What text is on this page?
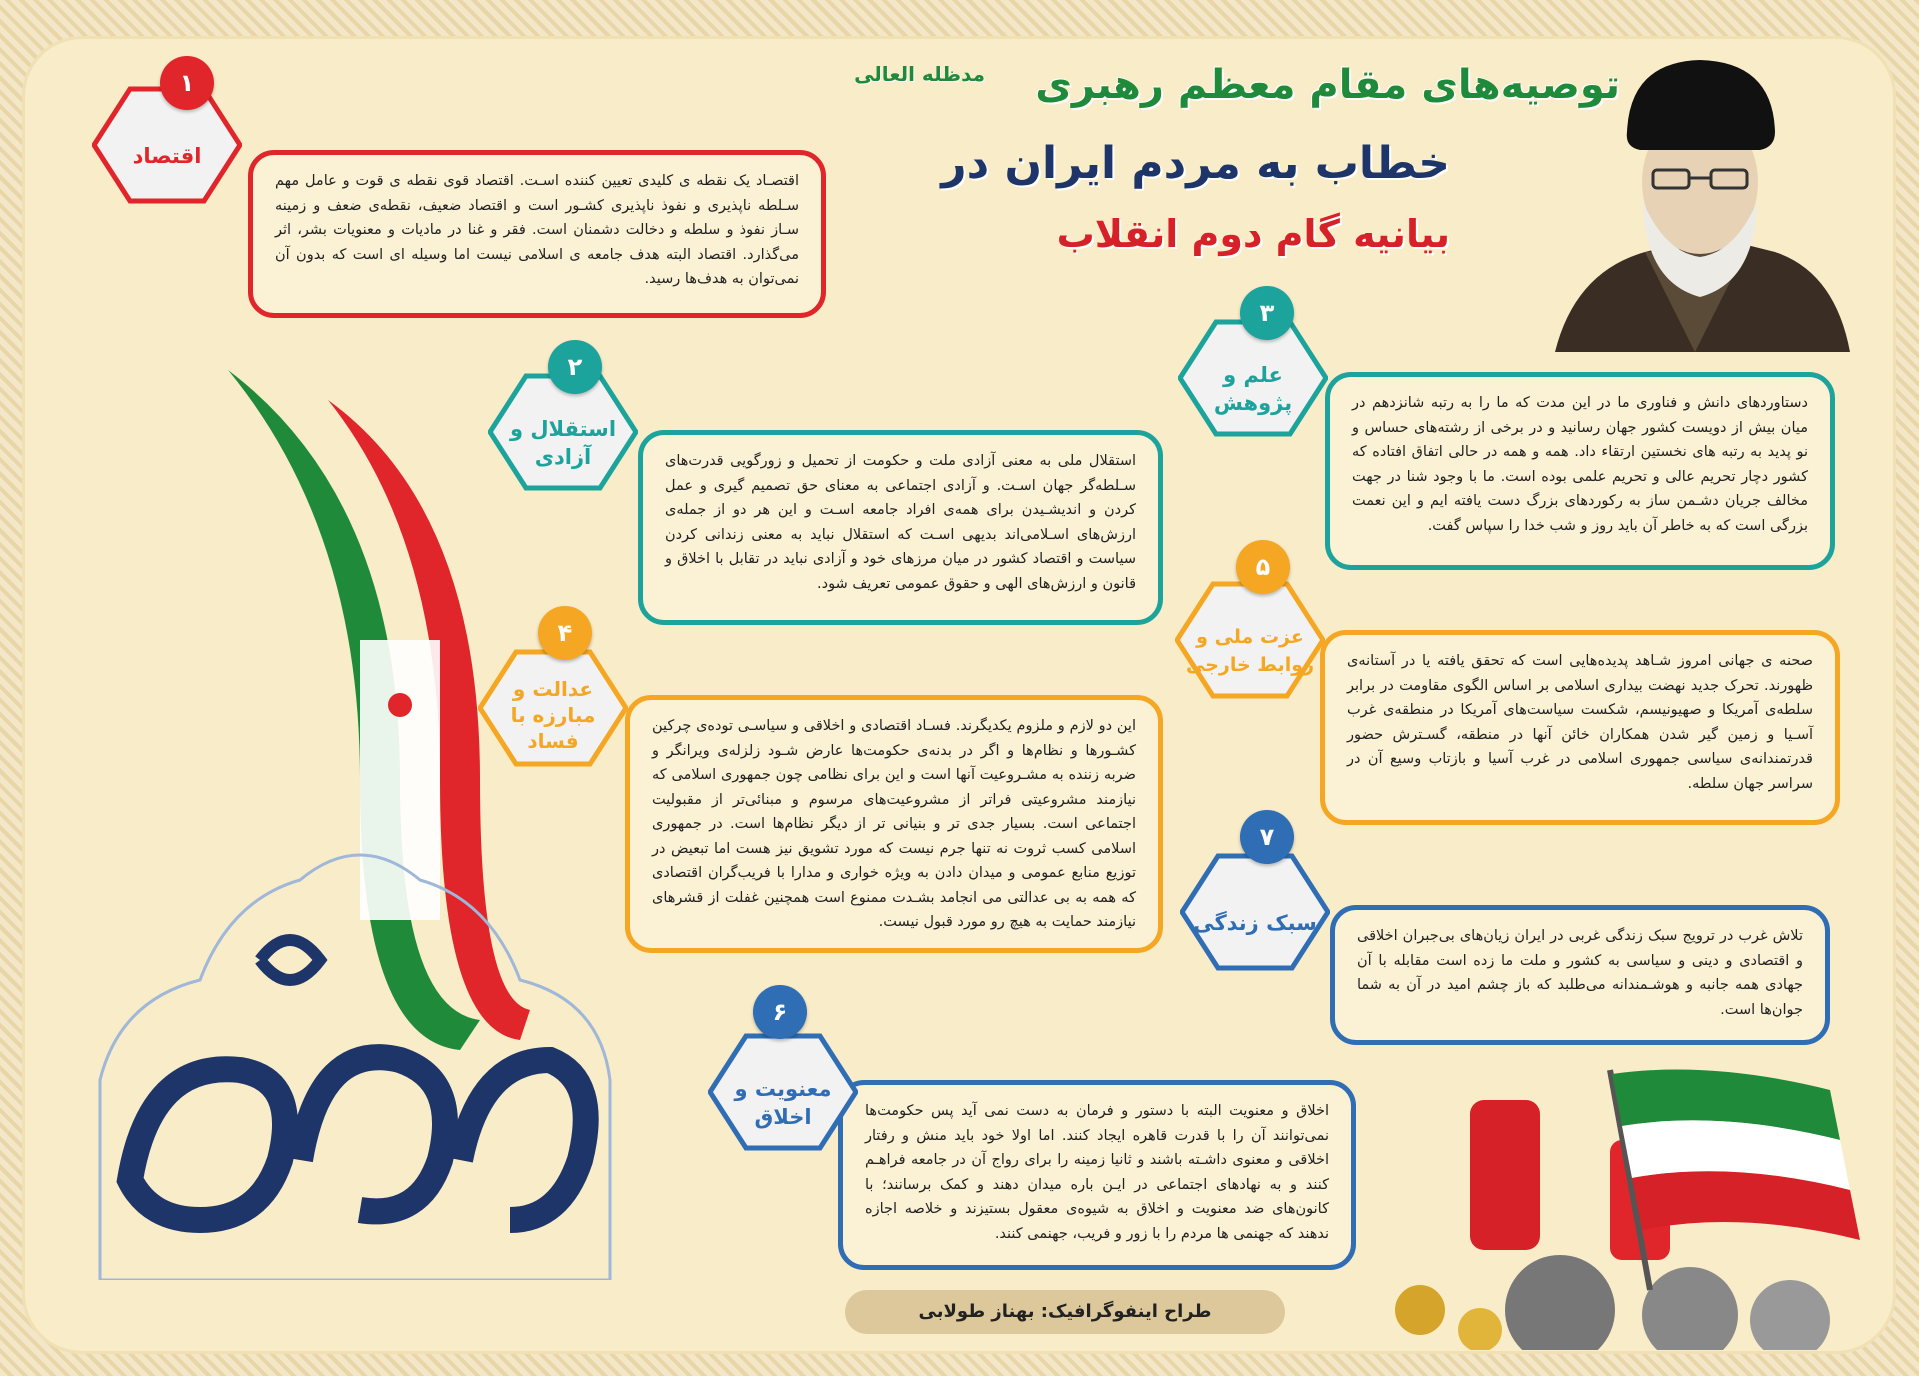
توصیه‌های مقام معظم رهبری
مدظله العالی
خطاب به مردم ایران در
بیانیه گام دوم انقلاب

اقتصـاد یک نقطه ی کلیدی تعیین کننده اسـت. اقتصاد قوی نقطه ی قوت و عامل مهم سـلطه ناپذیری و نفوذ ناپذیری کشـور است و اقتصاد ضعیف، نقطه‌ی ضعف و زمینه سـاز نفوذ و سلطه و دخالت دشمنان است. فقر و غنا در مادیات و معنویات بشر، اثر می‌گذارد. اقتصاد البته هدف جامعه ی اسلامی نیست اما وسیله ای است که بدون آن نمی‌توان به هدف‌ها رسید.

استقلال ملی به معنی آزادی ملت و حکومت از تحمیل و زورگویی قدرت‌های سـلطه‌گر جهان اسـت. و آزادی اجتماعی به معنای حق تصمیم گیری و عمل کردن و اندیشـیدن برای همه‌ی افراد جامعه اسـت و این هر دو از جمله‌ی ارزش‌های اسـلامی‌اند بدیهی اسـت که استقلال نباید به معنی زندانی کردن سیاست و اقتصاد کشور در میان مرزهای خود و آزادی نباید در تقابل با اخلاق و قانون و ارزش‌های الهی و حقوق عمومی تعریف شود.

دستاوردهای دانش و فناوری ما در این مدت که ما را به رتبه شانزدهم در میان بیش از دویست کشور جهان رسانید و در برخی از رشته‌های حساس و نو پدید به رتبه های نخستین ارتقاء داد. همه و همه در حالی اتفاق افتاده که کشور دچار تحریم عالی و تحریم علمی بوده است. ما با وجود شنا در جهت مخالف جریان دشـمن ساز به رکوردهای بزرگ دست یافته ایم و این نعمت بزرگی است که به خاطر آن باید روز و شب خدا را سپاس گفت.

این دو لازم و ملزوم یکدیگرند. فسـاد اقتصادی و اخلاقی و سیاسـی توده‌ی چرکین کشـورها و نظام‌ها و اگر در بدنه‌ی حکومت‌ها عارض شـود زلزله‌ی ویرانگر و ضربه زننده به مشـروعیت آنها است و این برای نظامی چون جمهوری اسلامی که نیازمند مشروعیتی فراتر از مشروعیت‌های مرسوم و مبنائی‌تر از مقبولیت اجتماعی است. بسیار جدی تر و بنیانی تر از دیگر نظام‌ها است. در جمهوری اسلامی کسب ثروت نه تنها جرم نیست که مورد تشویق نیز هست اما تبعیض در توزیع منابع عمومی و میدان دادن به ویژه خواری و مدارا با فریب‌گران اقتصادی که همه به بی عدالتی می انجامد بشـدت ممنوع است همچنین غفلت از قشرهای نیازمند حمایت به هیچ رو مورد قبول نیست.

صحنه ی جهانی امروز شـاهد پدیده‌هایی است که تحقق یافته یا در آستانه‌ی ظهورند. تحرک جدید نهضت بیداری اسلامی بر اساس الگوی مقاومت در برابر سلطه‌ی آمریکا و صهیونیسم، شکست سیاست‌های آمریکا در منطقه‌ی غرب آسـیا و زمین گیر شدن همکاران خائن آنها در منطقه، گسـترش حضور قدرتمندانه‌ی سیاسی جمهوری اسلامی در غرب آسیا و بازتاب وسیع آن در سراسر جهان سلطه.

اخلاق و معنویت البته با دستور و فرمان به دست نمی آید پس حکومت‌ها نمی‌توانند آن را با قدرت قاهره ایجاد کنند. اما اولا خود باید منش و رفتار اخلاقی و معنوی داشـته باشند و ثانیا زمینه را برای رواج آن در جامعه فراهـم کنند و به نهادهای اجتماعی در ایـن باره میدان دهند و کمک برسانند؛ با کانون‌های ضد معنویت و اخلاق به شیوه‌ی معقول بستیزند و خلاصه اجازه ندهند که جهنمی ها مردم را با زور و فریب، جهنمی کنند.

تلاش غرب در ترویج سبک زندگی غربی در ایران زیان‌های بی‌جبران اخلاقی و اقتصادی و دینی و سیاسی به کشور و ملت ما زده است مقابله با آن جهادی همه جانبه و هوشـمندانه می‌طلبد که باز چشم امید در آن به شما جوان‌ها است.

اقتصاد
۱
استقلال و
آزادی
۲	علم و
پژوهش
۳
عدالت و
مبارزه با
فساد
۴	عزت ملی و
روابط خارجی
۵
معنویت و
اخلاق
۶
سبک زندگی
۷
طراح اینفوگرافیک: بهناز طولابی
